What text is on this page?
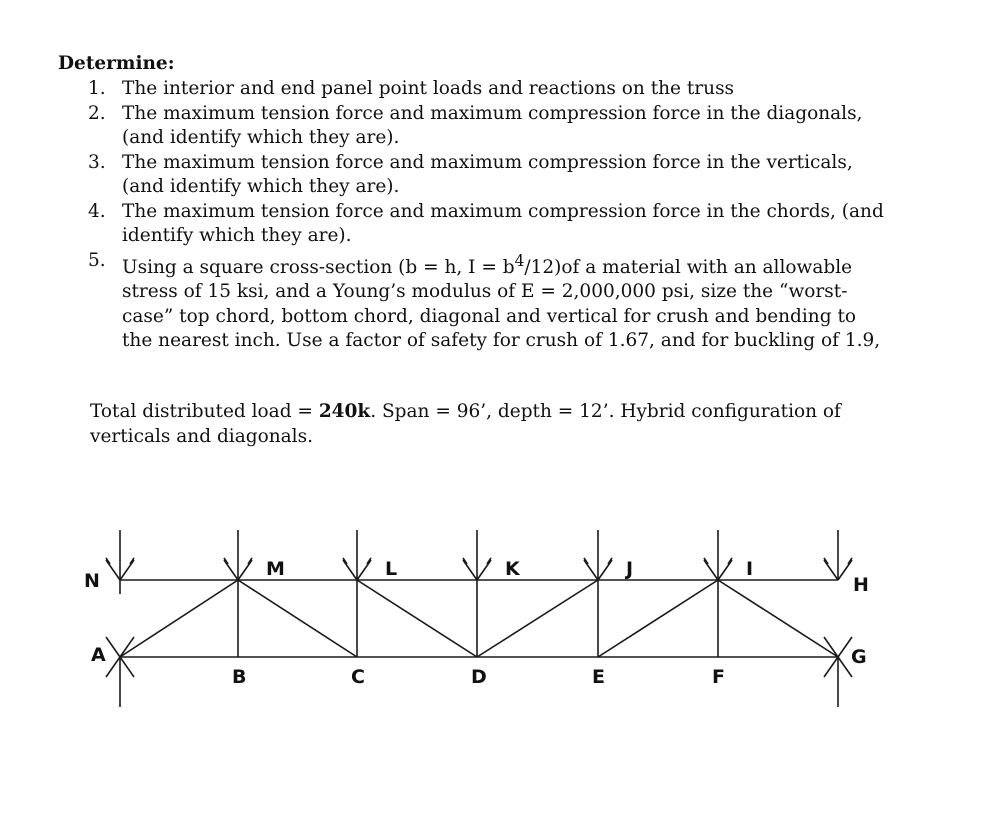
Determine:
1. The interior and end panel point loads and reactions on the truss
2. The maximum tension force and maximum compression force in the diagonals, (and identify which they are).
3. The maximum tension force and maximum compression force in the verticals, (and identify which they are).
4. The maximum tension force and maximum compression force in the chords, (and identify which they are).
5. Using a square cross-section (b = h, $I = b^4/12)of$ a material with an allowable stress of 15 ksi, and a Young’s modulus of E = 2,000,000 psi, size the “worst-case” top chord, bottom chord, diagonal and vertical for crush and bending to the nearest inch. Use a factor of safety for crush of 1.67, and for buckling of 1.9,
Total distributed load = 240k. Span = 96’, depth = 12’. Hybrid configuration of verticals and diagonals.
N
M	L	K	J	I
H
A
B	C	D	E	F
G
